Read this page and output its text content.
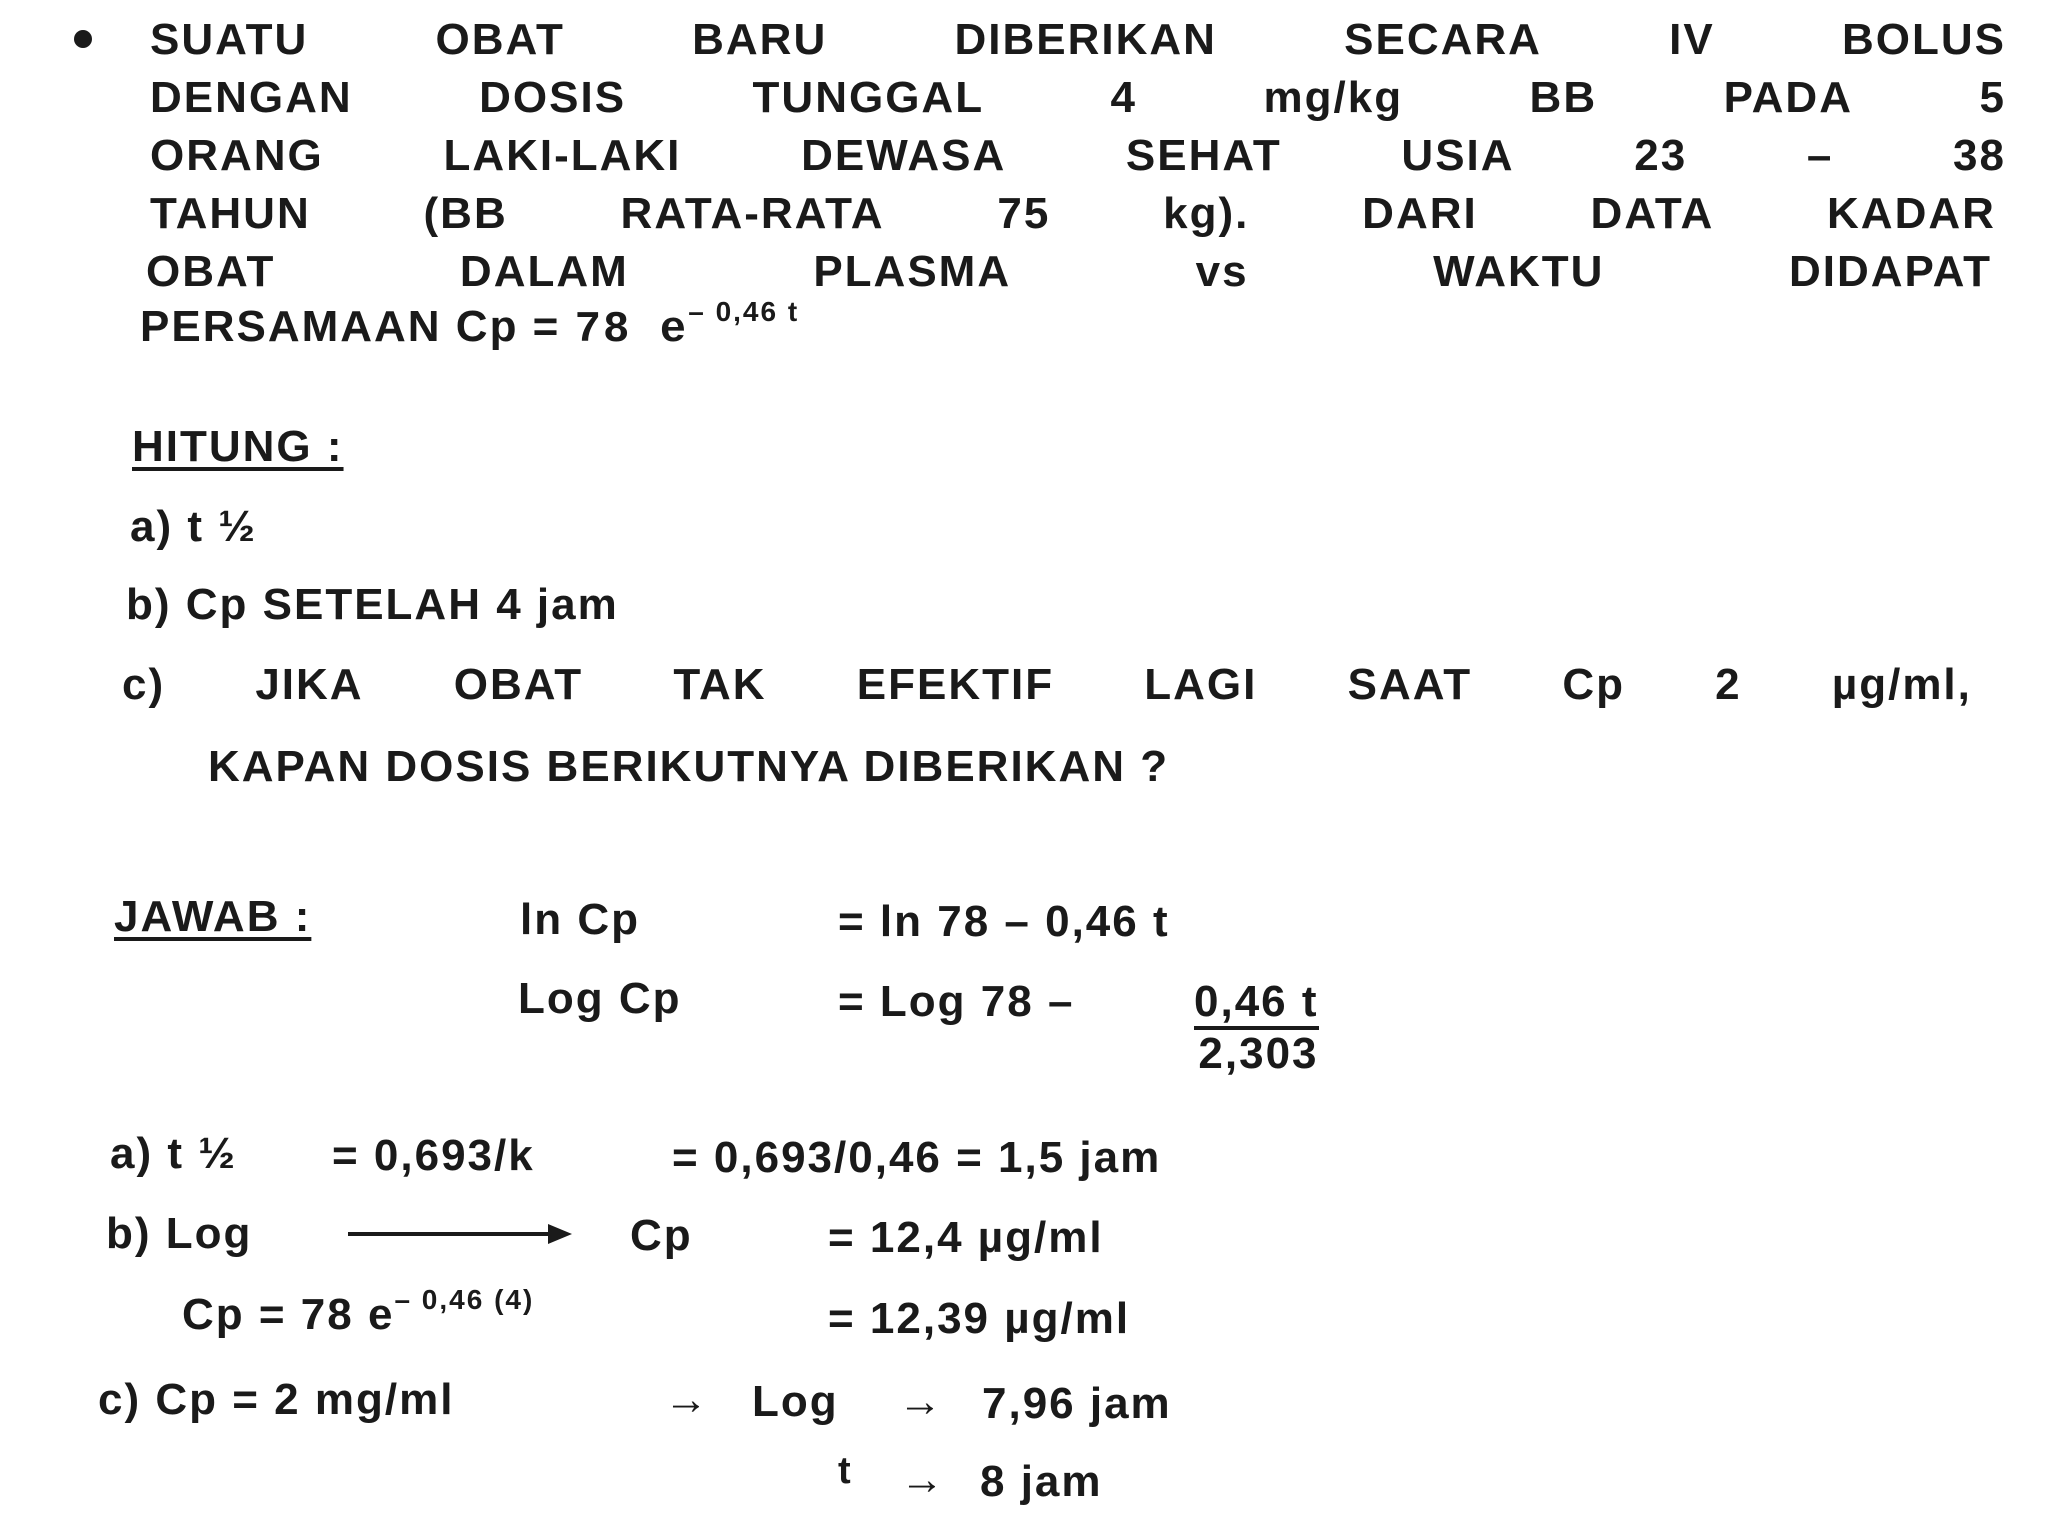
SUATU	OBAT	BARU	DIBERIKAN	SECARA	IV	BOLUS
DENGAN	DOSIS	TUNGGAL	4	mg/kg	BB	PADA	5
ORANG	LAKI-LAKI	DEWASA	SEHAT	USIA	23	–	38
TAHUN	(BB	RATA-RATA	75	kg).	DARI	DATA	KADAR
OBAT	DALAM	PLASMA	vs	WAKTU	DIDAPAT
PERSAMAAN Cp = 78 $e^{- 0,46 t}$
HITUNG :
a) t ½
b) Cp SETELAH 4 jam
c) JIKA OBAT TAK EFEKTIF LAGI SAAT Cp 2 µg/ml,
KAPAN DOSIS BERIKUTNYA DIBERIKAN ?
JAWAB :	ln Cp	= ln 78 – 0,46 t
Log Cp	= Log 78 –	$\frac{0,46 t}{2,303}$
a) t ½ = 0,693/k	= 0,693/0,46 = 1,5 jam
b) Log	Cp	= 12,4 µg/ml
Cp = 78 $e^{- 0,46 (4)}$	= 12,39 µg/ml
c) Cp = 2 mg/ml	→ Log → 7,96 jam
t → 8 jam
